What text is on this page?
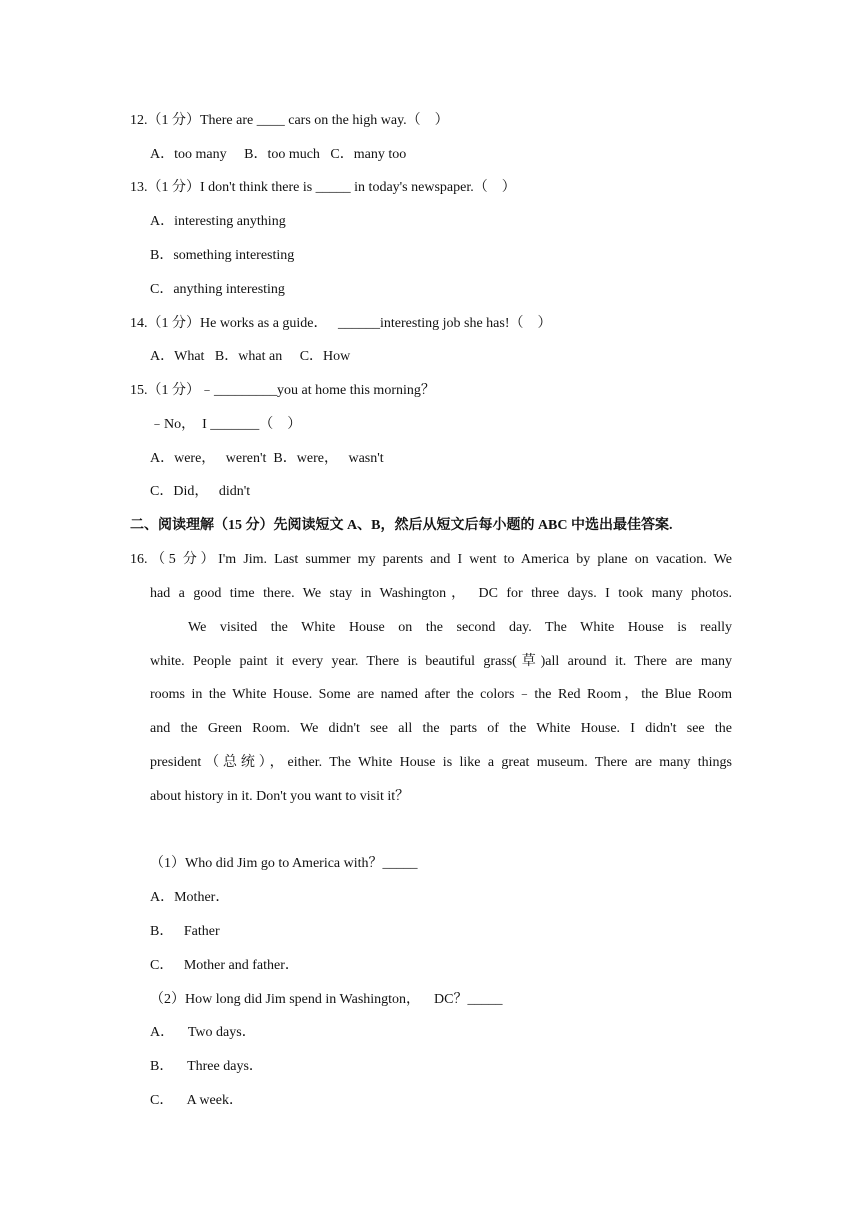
12.（1 分）There are ____ cars on the high way.（    ）
A．too many     B．too much   C．many too
13.（1 分）I don't think there is _____ in today's newspaper.（    ）
A．interesting anything
B．something interesting
C．anything interesting
14.（1 分）He works as a guide．   ______interesting job she has!（    ）
A．What   B．what an     C．How
15.（1 分）﹣_________you at home this morning？
﹣No，  I _______（    ）
A．were，   weren't  B．were，   wasn't
C．Did，   didn't
二、阅读理解（15 分）先阅读短文 A、B，然后从短文后每小题的 ABC 中选出最佳答案.
16.（5 分）I'm Jim. Last summer my parents and I went to America by plane on vacation. We
had a good time there. We stay in Washington， DC for three days. I took many photos.
We visited the White House on the second day. The White House is really
white. People paint it every year. There is beautiful grass(草)all around it. There are many
rooms in the White House. Some are named after the colors﹣the Red Room，the Blue Room
and the Green Room. We didn't see all the parts of the White House. I didn't see the
president（总统），either. The White House is like a great museum. There are many things
about history in it. Don't you want to visit it？
（1）Who did Jim go to America with？_____
A．Mother．
B．   Father
C．   Mother and father．
（2）How long did Jim spend in Washington，    DC？_____
A．    Two days．
B．    Three days．
C．    A week．
